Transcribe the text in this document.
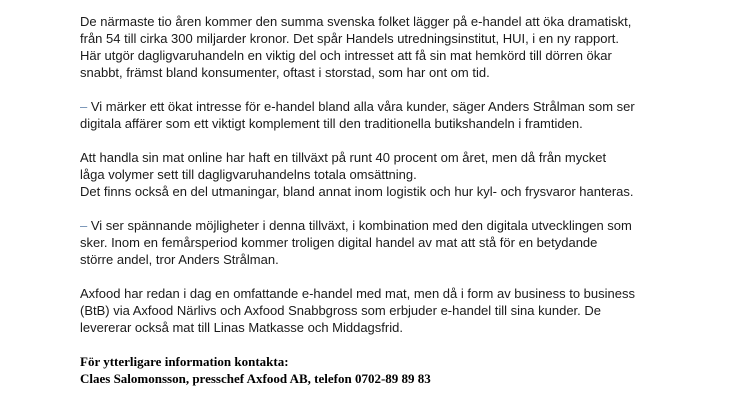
De närmaste tio åren kommer den summa svenska folket lägger på e-handel att öka dramatiskt,
från 54 till cirka 300 miljarder kronor. Det spår Handels utredningsinstitut, HUI, i en ny rapport.
Här utgör dagligvaruhandeln en viktig del och intresset att få sin mat hemkörd till dörren ökar
snabbt, främst bland konsumenter, oftast i storstad, som har ont om tid.

– Vi märker ett ökat intresse för e-handel bland alla våra kunder, säger Anders Strålman som ser
digitala affärer som ett viktigt komplement till den traditionella butikshandeln i framtiden.

Att handla sin mat online har haft en tillväxt på runt 40 procent om året, men då från mycket
låga volymer sett till dagligvaruhandelns totala omsättning.
Det finns också en del utmaningar, bland annat inom logistik och hur kyl- och frysvaror hanteras.

– Vi ser spännande möjligheter i denna tillväxt, i kombination med den digitala utvecklingen som
sker. Inom en femårsperiod kommer troligen digital handel av mat att stå för en betydande
större andel, tror Anders Strålman.

Axfood har redan i dag en omfattande e-handel med mat, men då i form av business to business
(BtB) via Axfood Närlivs och Axfood Snabbgross som erbjuder e-handel till sina kunder. De
levererar också mat till Linas Matkasse och Middagsfrid.

För ytterligare information kontakta:
Claes Salomonsson, presschef Axfood AB, telefon 0702-89 89 83
